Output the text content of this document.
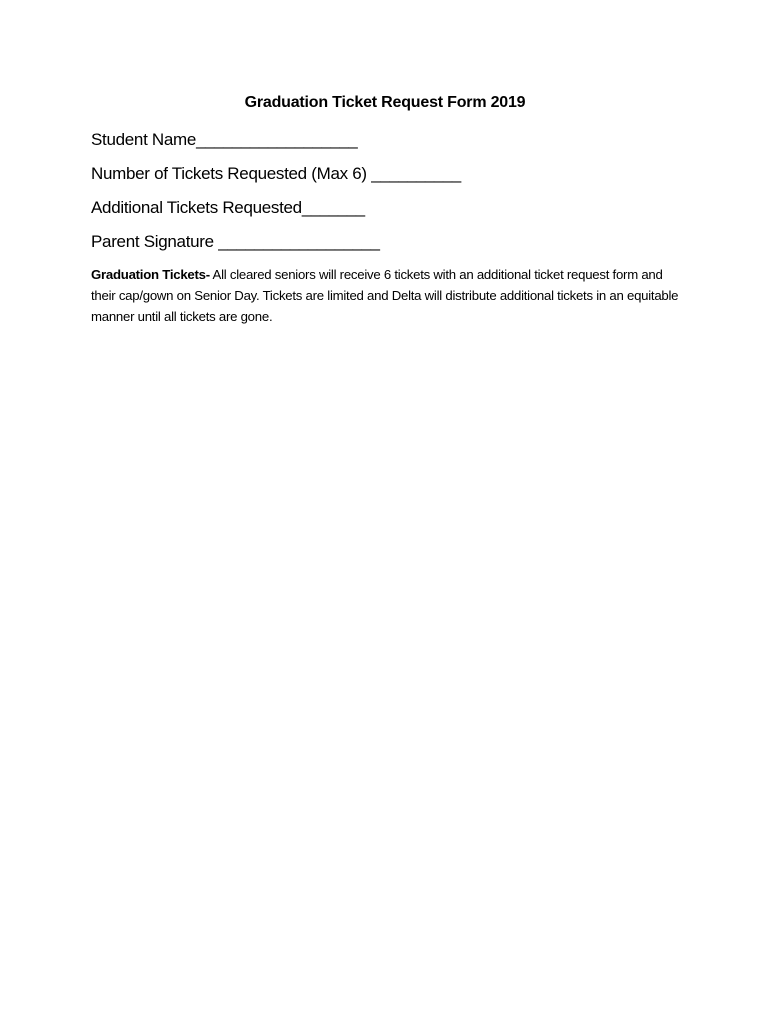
Graduation Ticket Request Form 2019
Student Name__________________
Number of Tickets Requested (Max 6) __________
Additional Tickets Requested_______
Parent Signature __________________
Graduation Tickets- All cleared seniors will receive 6 tickets with an additional ticket request form and their cap/gown on Senior Day. Tickets are limited and Delta will distribute additional tickets in an equitable manner until all tickets are gone.
